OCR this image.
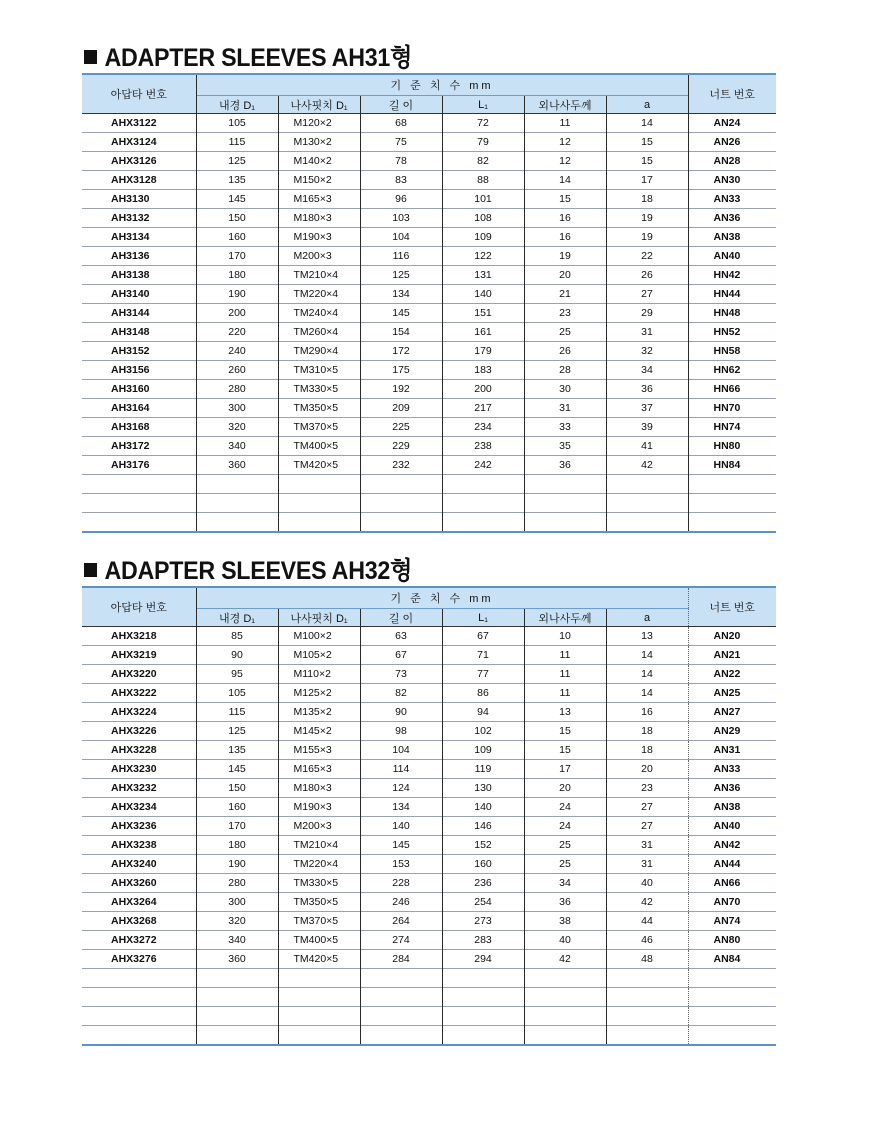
ADAPTER SLEEVES AH31형
아답타 번호	기 준 치 수 mm						너트 번호
	내경 D₁	나사핏치 D₁	길 이	L₁	외나사두께	a	
AHX3122	105	M120×2	68	72	11	14	AN24
AHX3124	115	M130×2	75	79	12	15	AN26
AHX3126	125	M140×2	78	82	12	15	AN28
AHX3128	135	M150×2	83	88	14	17	AN30
AH3130	145	M165×3	96	101	15	18	AN33
AH3132	150	M180×3	103	108	16	19	AN36
AH3134	160	M190×3	104	109	16	19	AN38
AH3136	170	M200×3	116	122	19	22	AN40
AH3138	180	TM210×4	125	131	20	26	HN42
AH3140	190	TM220×4	134	140	21	27	HN44
AH3144	200	TM240×4	145	151	23	29	HN48
AH3148	220	TM260×4	154	161	25	31	HN52
AH3152	240	TM290×4	172	179	26	32	HN58
AH3156	260	TM310×5	175	183	28	34	HN62
AH3160	280	TM330×5	192	200	30	36	HN66
AH3164	300	TM350×5	209	217	31	37	HN70
AH3168	320	TM370×5	225	234	33	39	HN74
AH3172	340	TM400×5	229	238	35	41	HN80
AH3176	360	TM420×5	232	242	36	42	HN84

ADAPTER SLEEVES AH32형
아답타 번호	기 준 치 수 mm						너트 번호
	내경 D₁	나사핏치 D₁	길 이	L₁	외나사두께	a	
AHX3218	85	M100×2	63	67	10	13	AN20
AHX3219	90	M105×2	67	71	11	14	AN21
AHX3220	95	M110×2	73	77	11	14	AN22
AHX3222	105	M125×2	82	86	11	14	AN25
AHX3224	115	M135×2	90	94	13	16	AN27
AHX3226	125	M145×2	98	102	15	18	AN29
AHX3228	135	M155×3	104	109	15	18	AN31
AHX3230	145	M165×3	114	119	17	20	AN33
AHX3232	150	M180×3	124	130	20	23	AN36
AHX3234	160	M190×3	134	140	24	27	AN38
AHX3236	170	M200×3	140	146	24	27	AN40
AHX3238	180	TM210×4	145	152	25	31	AN42
AHX3240	190	TM220×4	153	160	25	31	AN44
AHX3260	280	TM330×5	228	236	34	40	AN66
AHX3264	300	TM350×5	246	254	36	42	AN70
AHX3268	320	TM370×5	264	273	38	44	AN74
AHX3272	340	TM400×5	274	283	40	46	AN80
AHX3276	360	TM420×5	284	294	42	48	AN84
